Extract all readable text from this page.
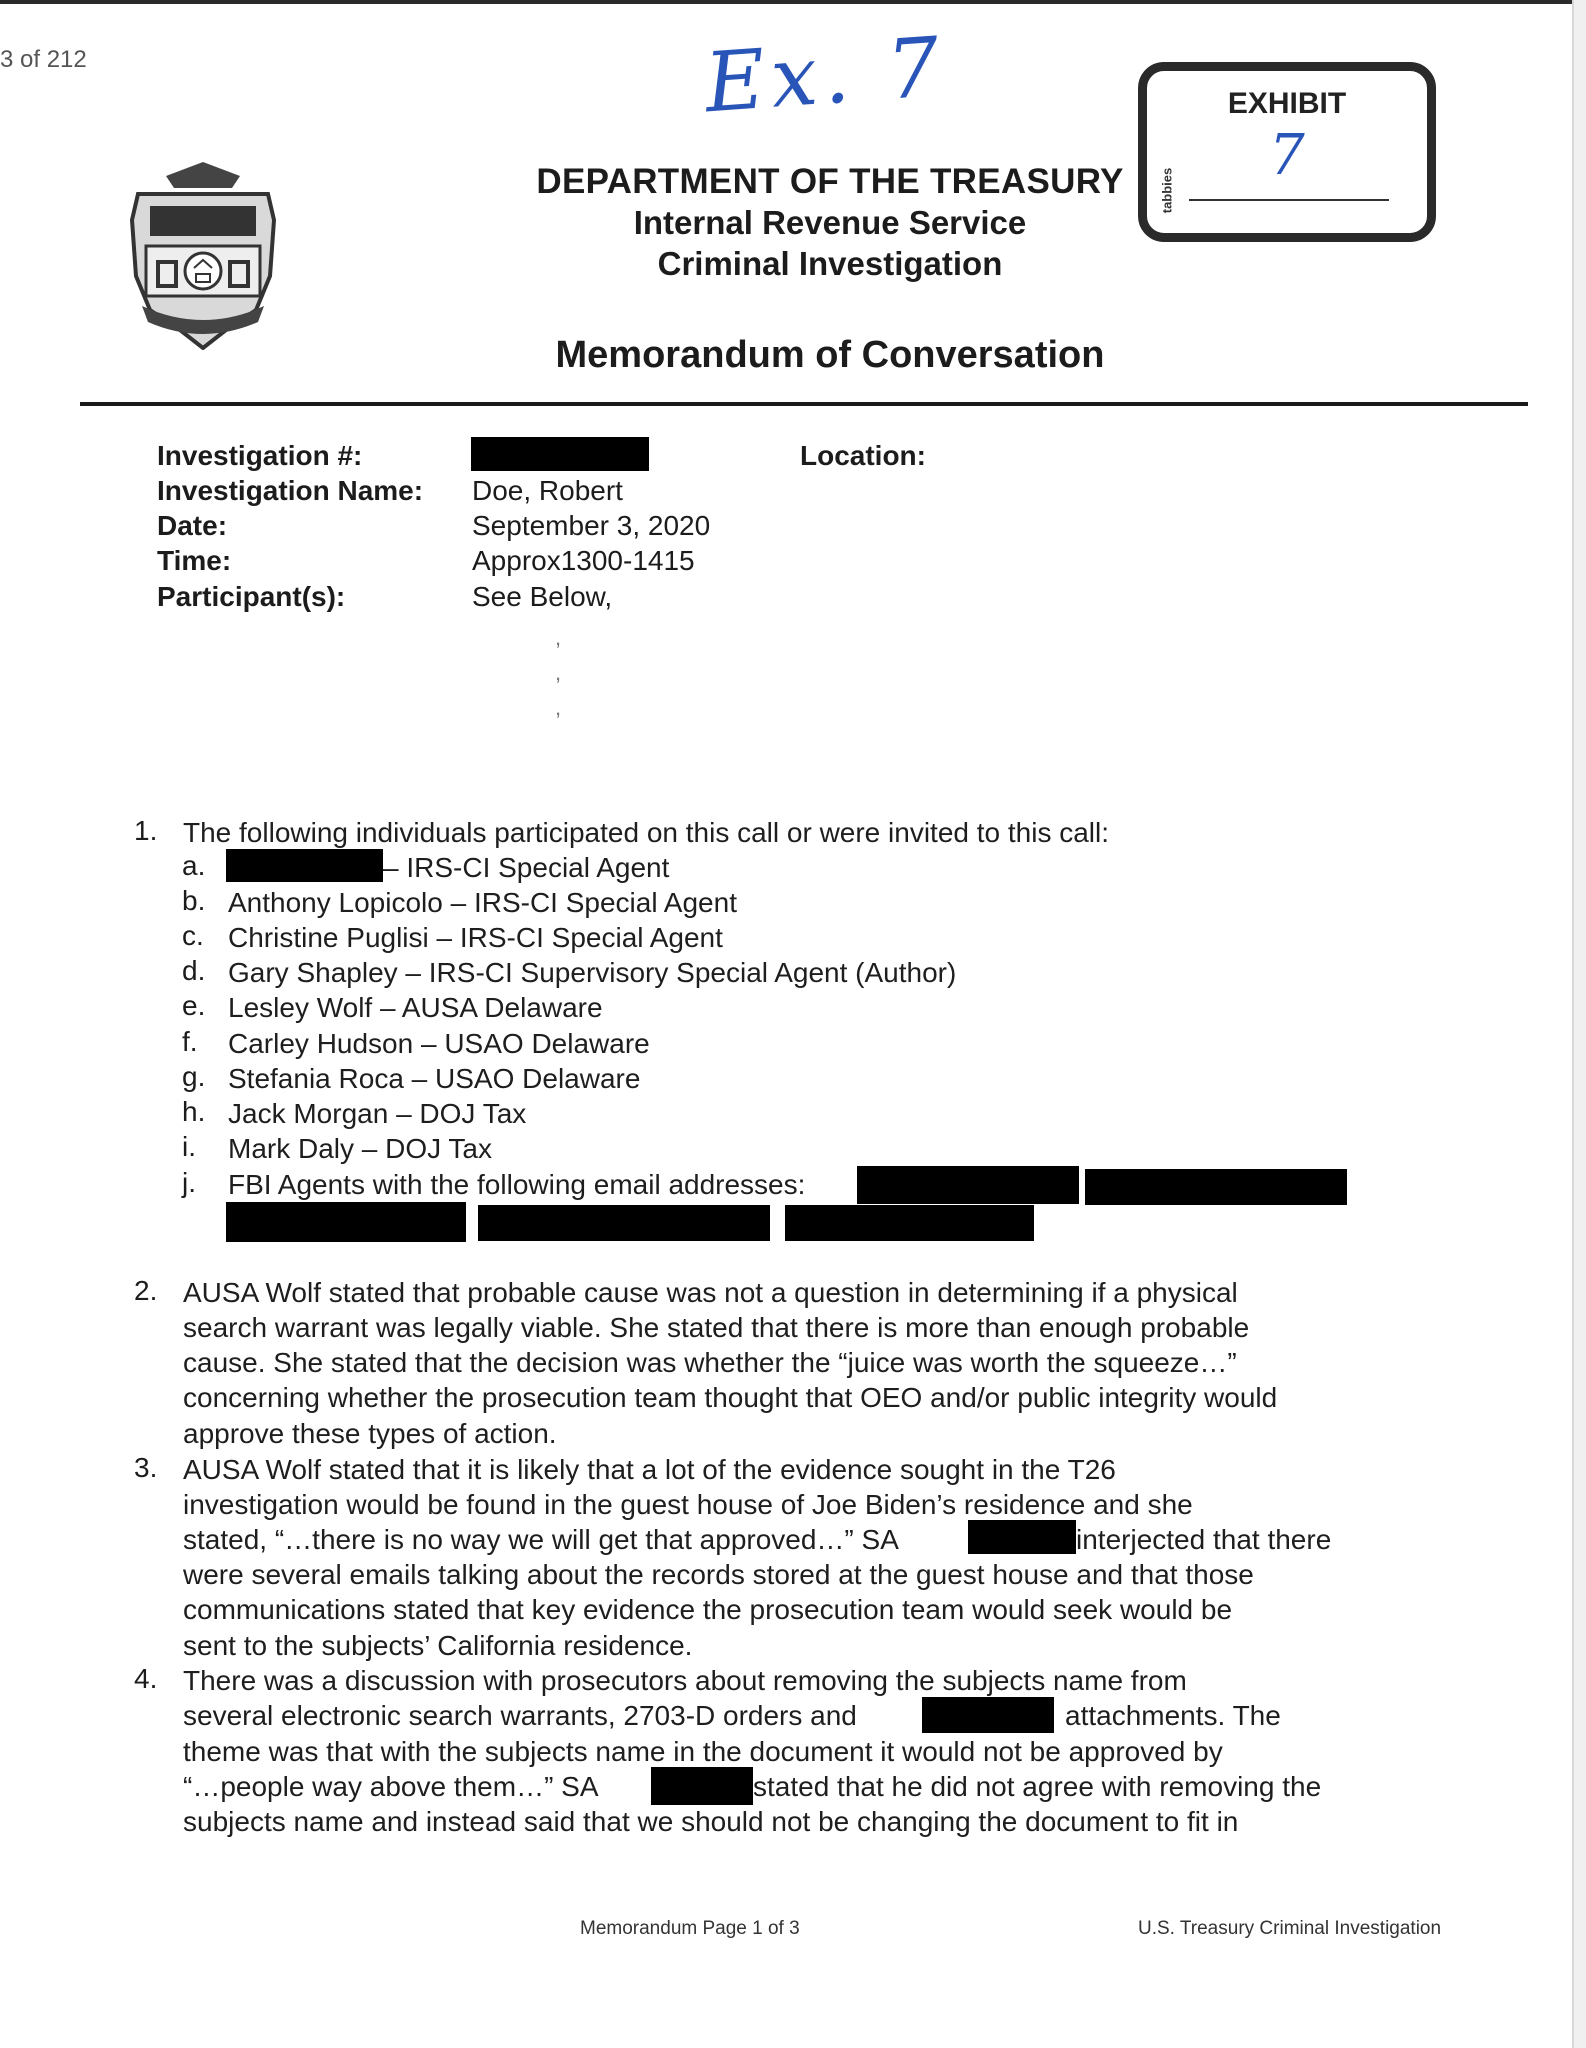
3 of 212	Ex. 7	EXHIBIT
tabbies
7
DEPARTMENT OF THE TREASURY
Internal Revenue Service
Criminal Investigation
Memorandum of Conversation
Investigation #:
Investigation Name: Doe, Robert
Date:	September 3, 2020
Time:	Approx1300-1415
Participant(s):	See Below,
Location:
,
,
,
1. The following individuals participated on this call or were invited to this call:
a.	– IRS-CI Special Agent
b. Anthony Lopicolo – IRS-CI Special Agent
c. Christine Puglisi – IRS-CI Special Agent
d. Gary Shapley – IRS-CI Supervisory Special Agent (Author)
e. Lesley Wolf – AUSA Delaware
f. Carley Hudson – USAO Delaware
g. Stefania Roca – USAO Delaware
h. Jack Morgan – DOJ Tax
i. Mark Daly – DOJ Tax
j. FBI Agents with the following email addresses:
2. AUSA Wolf stated that probable cause was not a question in determining if a physical
search warrant was legally viable. She stated that there is more than enough probable
cause. She stated that the decision was whether the “juice was worth the squeeze…”
concerning whether the prosecution team thought that OEO and/or public integrity would
approve these types of action.
3. AUSA Wolf stated that it is likely that a lot of the evidence sought in the T26
investigation would be found in the guest house of Joe Biden’s residence and she
stated, “…there is no way we will get that approved…” SA	interjected that there
were several emails talking about the records stored at the guest house and that those
communications stated that key evidence the prosecution team would seek would be
sent to the subjects’ California residence.
4. There was a discussion with prosecutors about removing the subjects name from
several electronic search warrants, 2703-D orders and	attachments. The
theme was that with the subjects name in the document it would not be approved by
“…people way above them…” SA	stated that he did not agree with removing the
subjects name and instead said that we should not be changing the document to fit in
Memorandum Page 1 of 3	U.S. Treasury Criminal Investigation
